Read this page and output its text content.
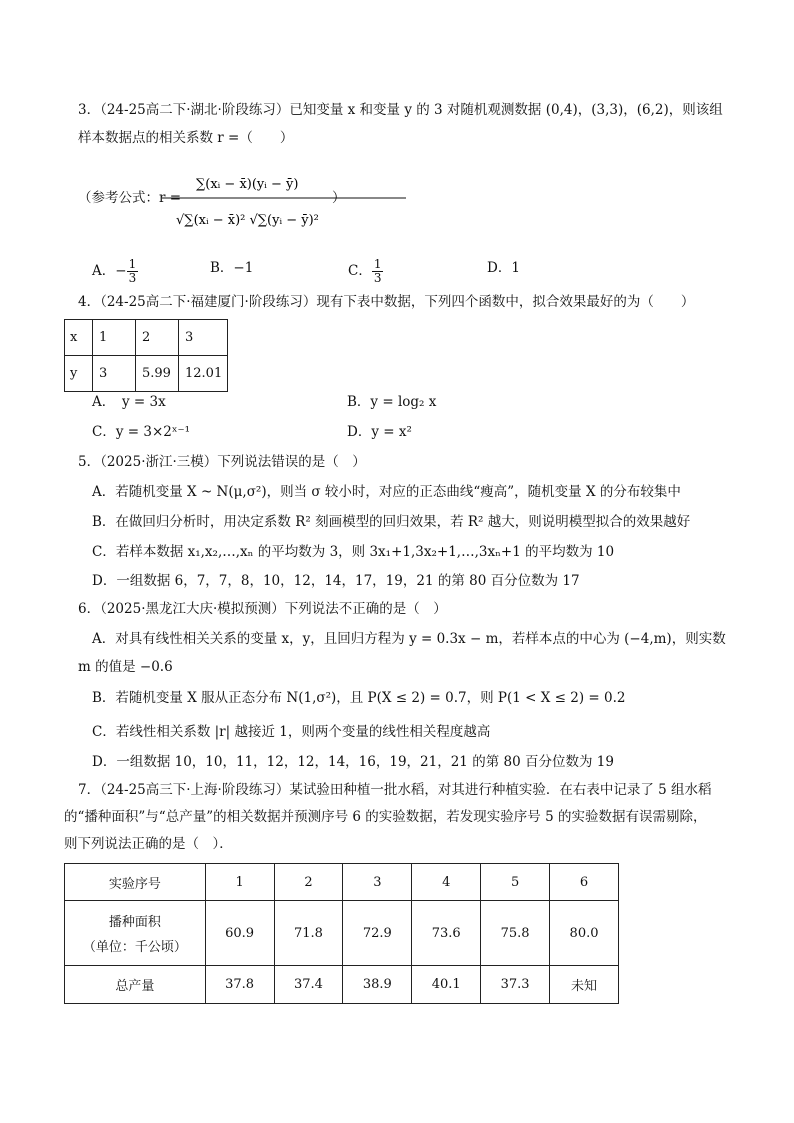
3．（24-25高二下·湖北·阶段练习）已知变量 x 和变量 y 的 3 对随机观测数据 (0,4)，(3,3)，(6,2)，则该组
样本数据点的相关系数 r =（　　）
（参考公式：r =
∑(xᵢ − x̄)(yᵢ − ȳ)
√∑(xᵢ − x̄)² √∑(yᵢ − ȳ)²
）
A．− $\frac{1}{3}$	B．−1	C． $\frac{1}{3}$	D．1
4．（24-25高二下·福建厦门·阶段练习）现有下表中数据，下列四个函数中，拟合效果最好的为（　　）
x	1	2	3
y	3	5.99	12.01
A．　y = 3x	B．y = log₂ x
C．y = 3×2ˣ⁻¹	D．y = x²
5．（2025·浙江·三模）下列说法错误的是（　）
A．若随机变量 X ~ N(μ,σ²)，则当 σ 较小时，对应的正态曲线“瘦高”，随机变量 X 的分布较集中
B．在做回归分析时，用决定系数 R² 刻画模型的回归效果，若 R² 越大，则说明模型拟合的效果越好
C．若样本数据 x₁,x₂,…,xₙ 的平均数为 3，则 3x₁+1,3x₂+1,…,3xₙ+1 的平均数为 10
D．一组数据 6，7，7，8，10，12，14，17，19，21 的第 80 百分位数为 17
6．（2025·黑龙江大庆·模拟预测）下列说法不正确的是（　）
A．对具有线性相关关系的变量 x，y，且回归方程为 y = 0.3x − m，若样本点的中心为 (−4,m)，则实数
m 的值是 −0.6
B．若随机变量 X 服从正态分布 N(1,σ²)，且 P(X ≤ 2) = 0.7，则 P(1 < X ≤ 2) = 0.2
C．若线性相关系数 |r| 越接近 1，则两个变量的线性相关程度越高
D．一组数据 10，10，11，12，12，14，16，19，21，21 的第 80 百分位数为 19
7．（24-25高三下·上海·阶段练习）某试验田种植一批水稻，对其进行种植实验．在右表中记录了 5 组水稻
的“播种面积”与“总产量”的相关数据并预测序号 6 的实验数据，若发现实验序号 5 的实验数据有误需剔除，
则下列说法正确的是（　）．
实验序号	1	2	3	4	5	6

播种面积
（单位：千公顷）	60.9	71.8	72.9	73.6	75.8	80.0
总产量	37.8	37.4	38.9	40.1	37.3	未知
